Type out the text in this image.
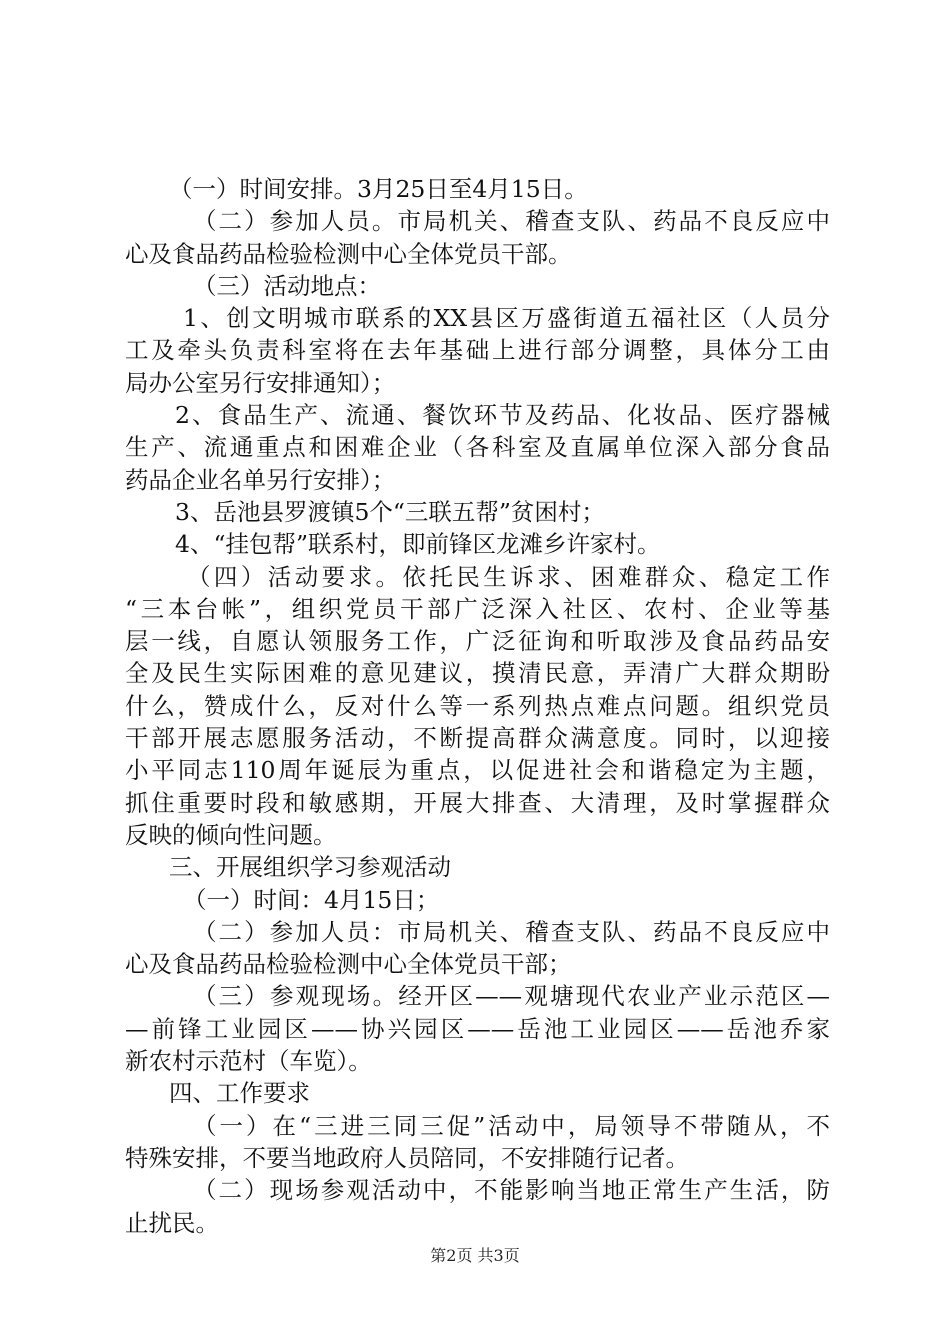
（一）时间安排。3月25日至4月15日。
（二）参加人员。市局机关、稽查支队、药品不良反应中
心及食品药品检验检测中心全体党员干部。
（三）活动地点：
1、创文明城市联系的XX县区万盛街道五福社区（人员分
工及牵头负责科室将在去年基础上进行部分调整，具体分工由
局办公室另行安排通知）；
2、食品生产、流通、餐饮环节及药品、化妆品、医疗器械
生产、流通重点和困难企业（各科室及直属单位深入部分食品
药品企业名单另行安排）；
3、岳池县罗渡镇5个“三联五帮”贫困村；
4、“挂包帮”联系村，即前锋区龙滩乡许家村。
（四）活动要求。依托民生诉求、困难群众、稳定工作
“三本台帐”，组织党员干部广泛深入社区、农村、企业等基
层一线，自愿认领服务工作，广泛征询和听取涉及食品药品安
全及民生实际困难的意见建议，摸清民意，弄清广大群众期盼
什么，赞成什么，反对什么等一系列热点难点问题。组织党员
干部开展志愿服务活动，不断提高群众满意度。同时，以迎接
小平同志110周年诞辰为重点，以促进社会和谐稳定为主题，
抓住重要时段和敏感期，开展大排查、大清理，及时掌握群众
反映的倾向性问题。
三、开展组织学习参观活动
（一）时间：4月15日；
（二）参加人员：市局机关、稽查支队、药品不良反应中
心及食品药品检验检测中心全体党员干部；
（三）参观现场。经开区——观塘现代农业产业示范区—
—前锋工业园区——协兴园区——岳池工业园区——岳池乔家
新农村示范村（车览）。
四、工作要求
（一）在“三进三同三促”活动中，局领导不带随从，不
特殊安排，不要当地政府人员陪同，不安排随行记者。
（二）现场参观活动中，不能影响当地正常生产生活，防
止扰民。
第2页 共3页
